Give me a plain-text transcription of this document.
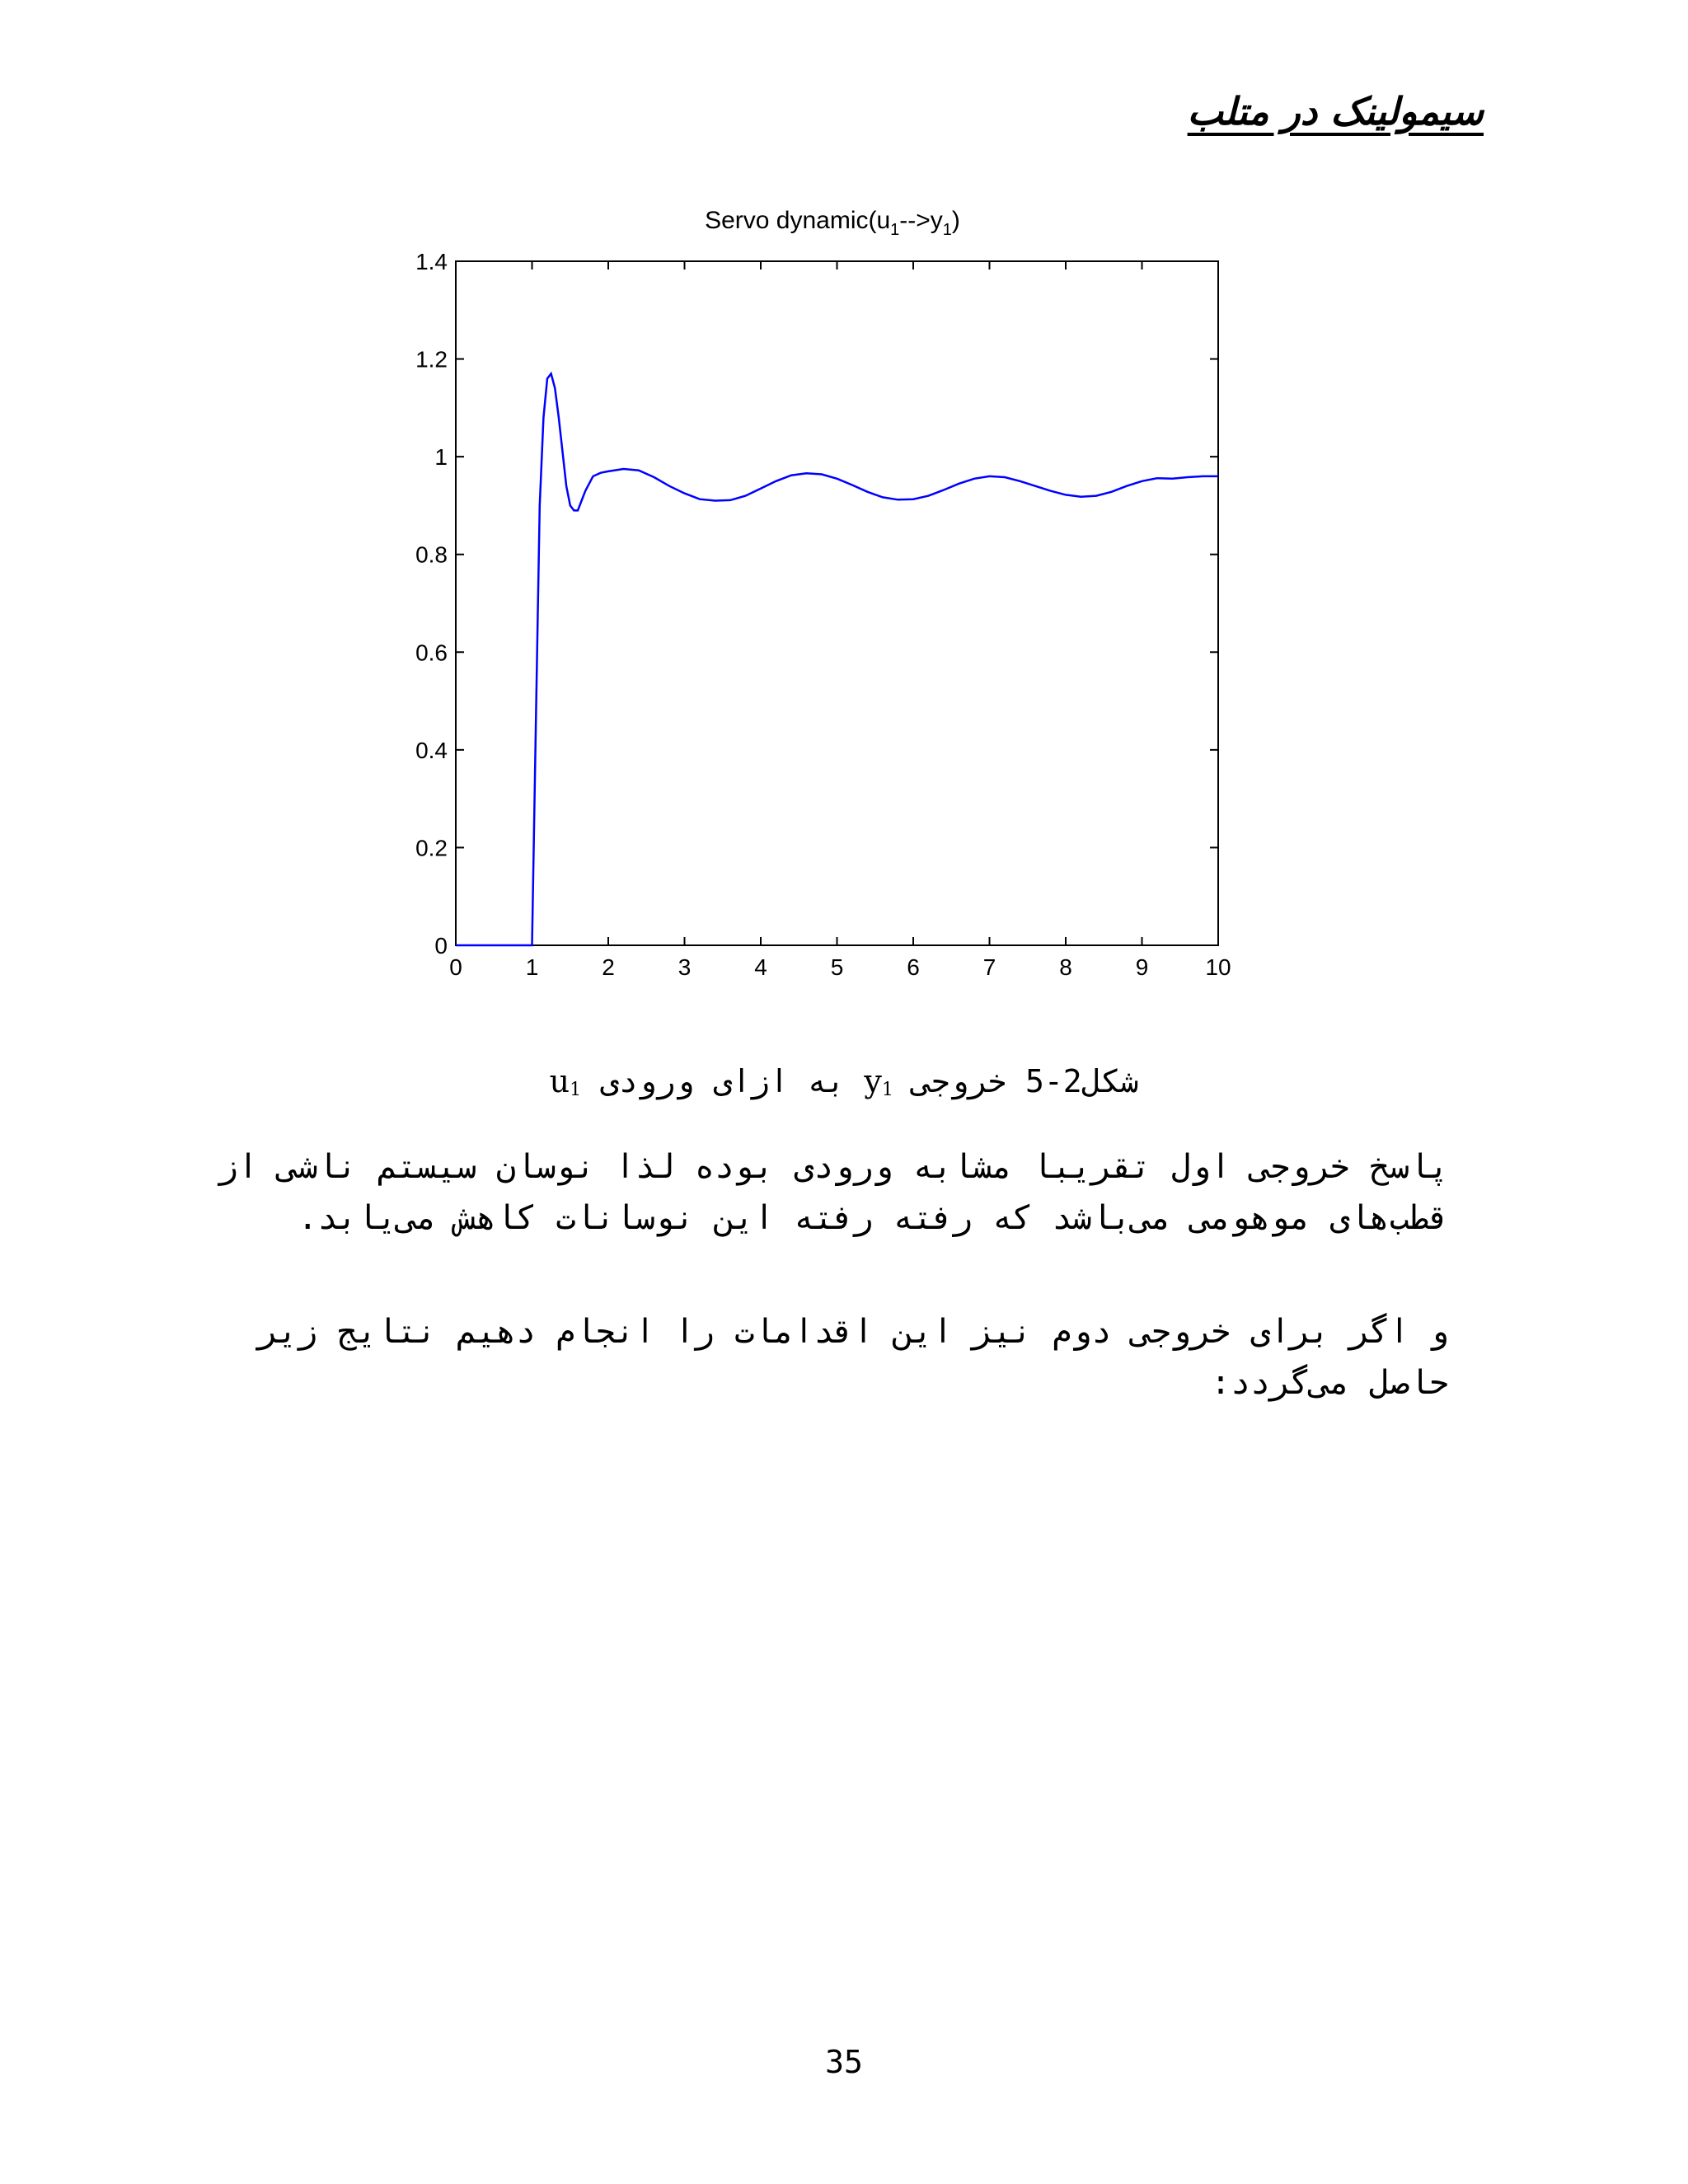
سیمولینک در متلب
Servo $dynamic(u_1-->y_1)$
0	1	2	3	4	5	6	7	8	9 10
0
0.2
0.4
0.6
0.8
1
1.2
1.4
شکل2-5 خروجی y1 به ازای ورودی u1

پاسخ خروجی اول تقریبا مشابه ورودی بوده لذا نوسان سیستم ناشی از قطب‌های موهومی می‌باشد که رفته رفته این نوسانات کاهش می‌یابد.

و اگر برای خروجی دوم نیز این اقدامات را انجام دهیم نتایج زیر حاصل می‌گردد:

35
